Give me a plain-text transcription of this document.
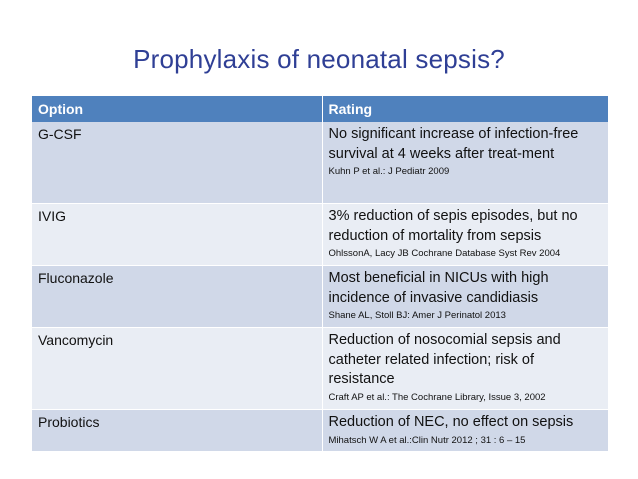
Prophylaxis of neonatal sepsis?
Option	Rating
G-CSF	No significant increase of infection-free survival at 4 weeks after treat-ment
Kuhn P et al.: J Pediatr 2009

IVIG	3% reduction of sepis episodes, but no reduction of mortality from sepsis
OhlssonA, Lacy JB Cochrane Database Syst Rev 2004

Fluconazole	Most beneficial in NICUs with high incidence of invasive candidiasis
Shane AL, Stoll BJ: Amer J Perinatol 2013

Vancomycin	Reduction of nosocomial sepsis and catheter related infection; risk of resistance
Craft AP et al.: The Cochrane Library, Issue 3, 2002

Probiotics	Reduction of NEC, no effect on sepsis
Mihatsch W A et al.:Clin Nutr 2012 ; 31 : 6 – 15
